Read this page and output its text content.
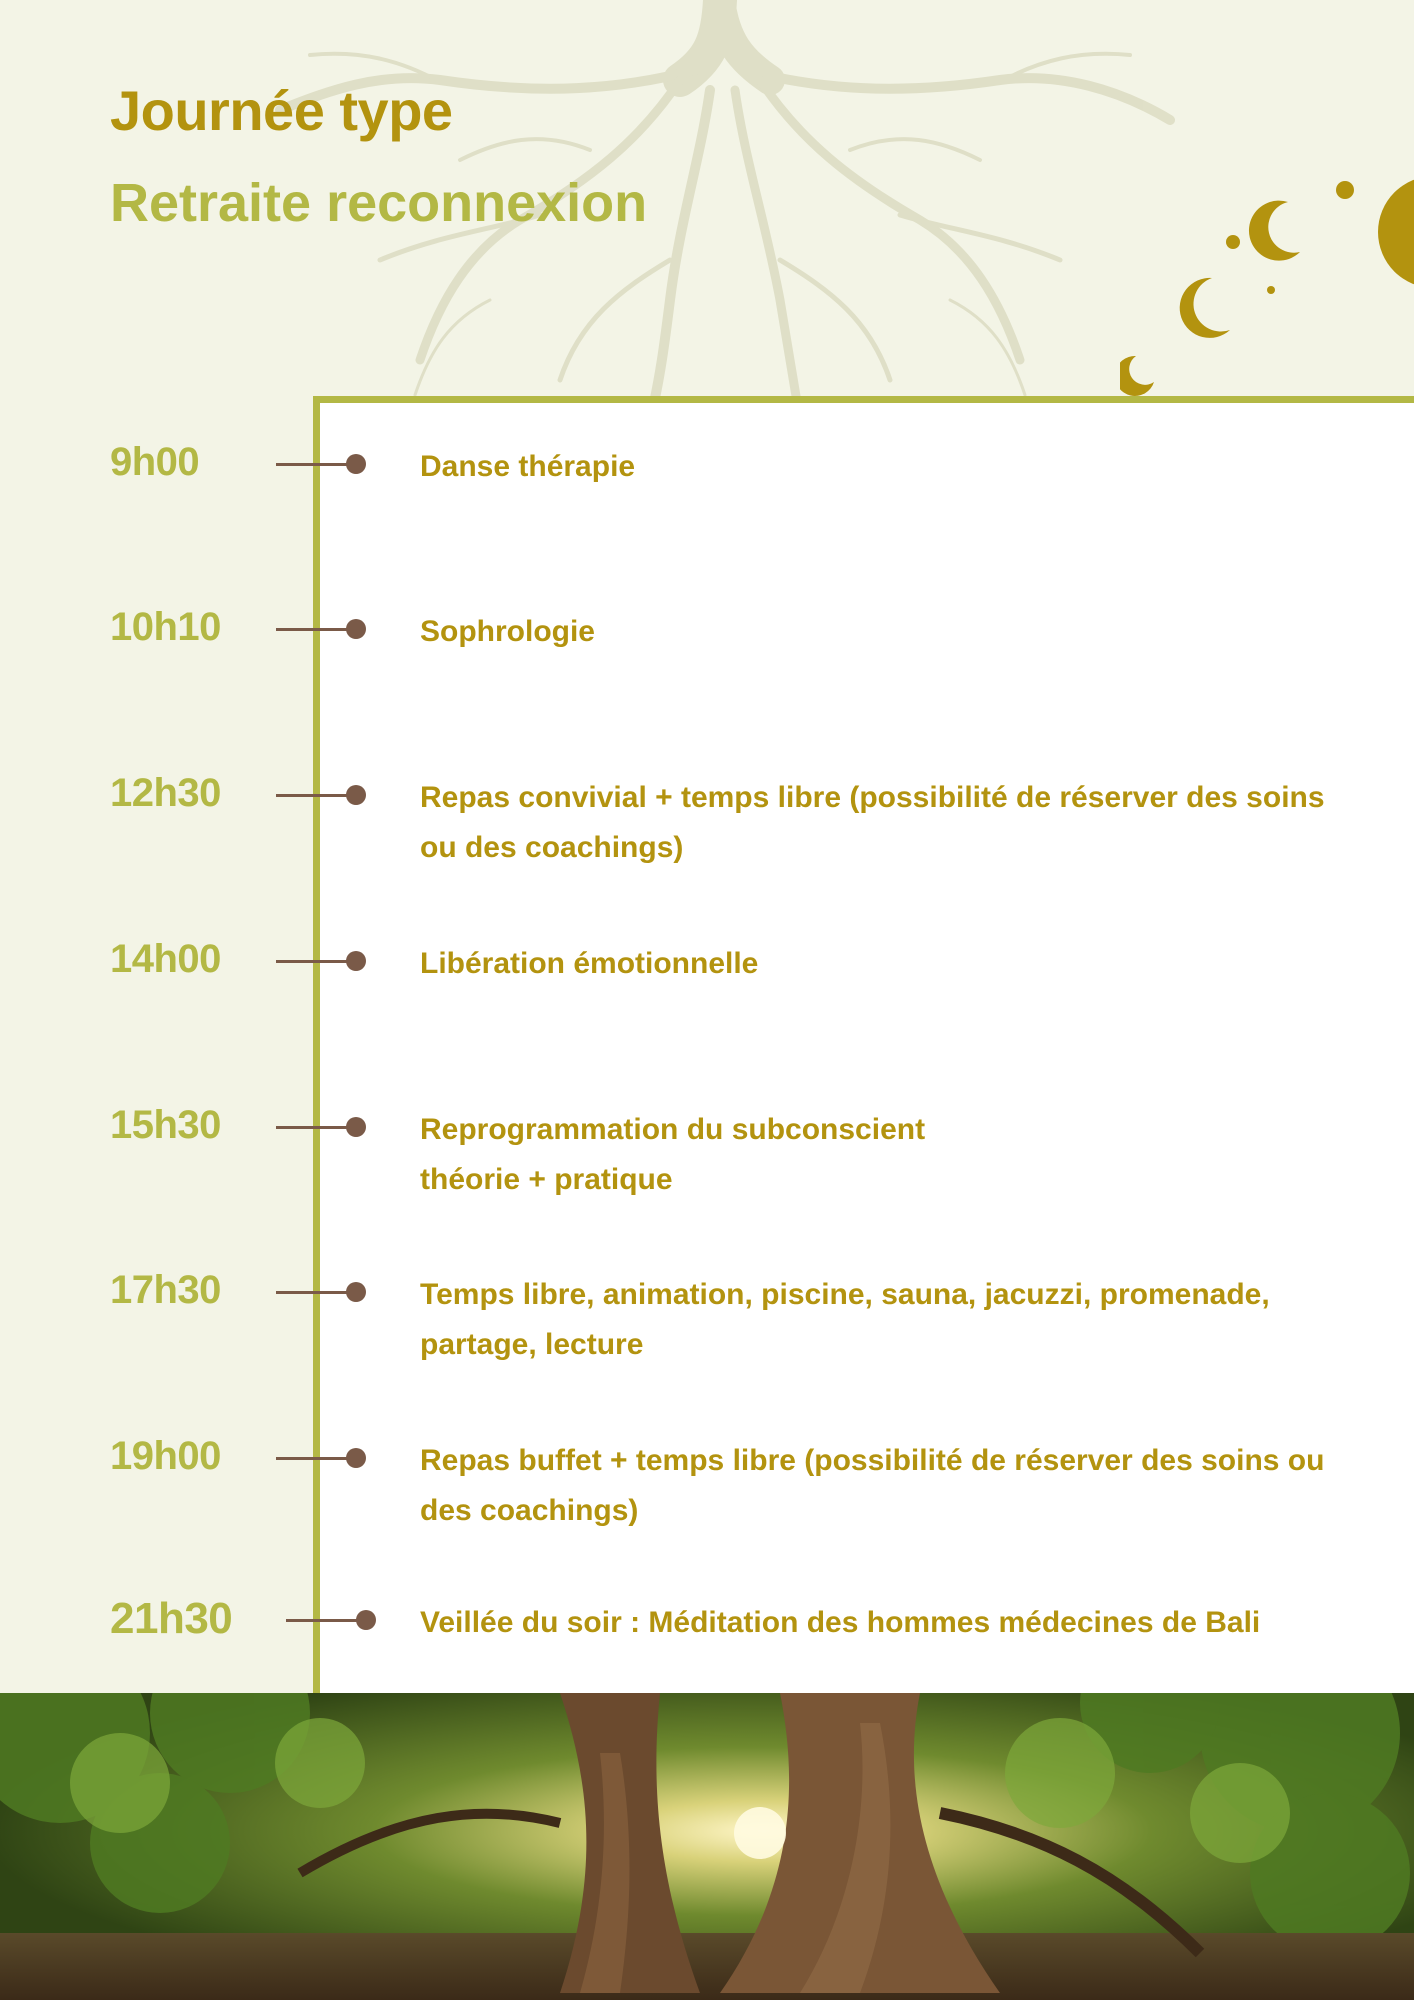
Journée type
Retraite reconnexion
9h00	Danse thérapie
10h10	Sophrologie
12h30	Repas convivial + temps libre (possibilité de réserver des soins ou des coachings)
14h00	Libération émotionnelle
15h30	Reprogrammation du subconscient
théorie + pratique
17h30	Temps libre, animation, piscine, sauna, jacuzzi, promenade, partage, lecture
19h00	Repas buffet + temps libre (possibilité de réserver des soins ou des coachings)
21h30	Veillée du soir : Méditation des hommes médecines de Bali
